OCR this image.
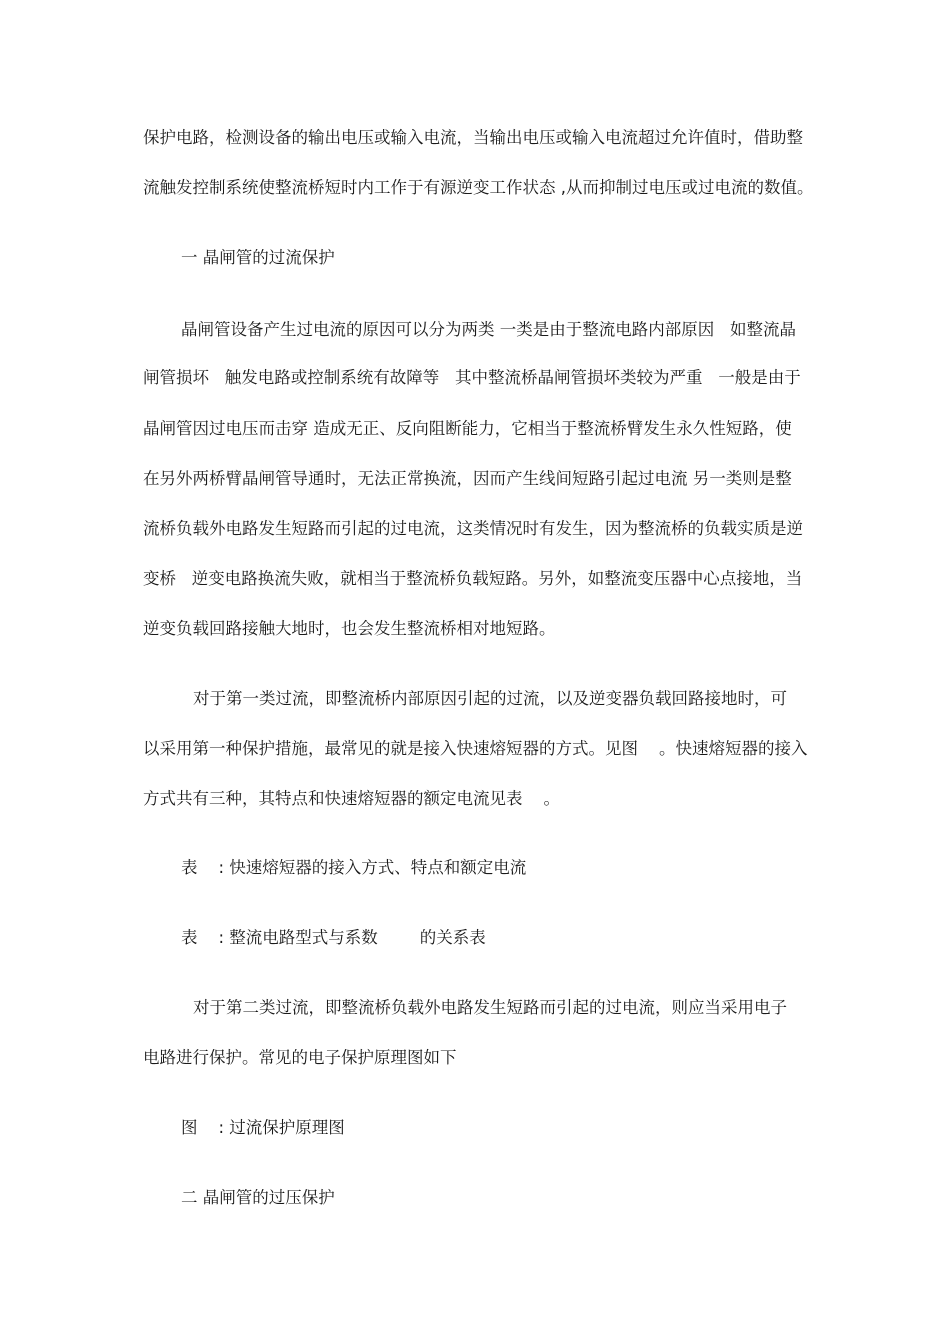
保护电路，检测设备的输出电压或输入电流，当输出电压或输入电流超过允许值时，借助整
流触发控制系统使整流桥短时内工作于有源逆变工作状态 ,从而抑制过电压或过电流的数值。
一 晶闸管的过流保护
晶闸管设备产生过电流的原因可以分为两类 一类是由于整流电路内部原因   如整流晶
闸管损坏   触发电路或控制系统有故障等   其中整流桥晶闸管损坏类较为严重   一般是由于
晶闸管因过电压而击穿 造成无正、反向阻断能力，它相当于整流桥臂发生永久性短路，使
在另外两桥臂晶闸管导通时，无法正常换流，因而产生线间短路引起过电流 另一类则是整
流桥负载外电路发生短路而引起的过电流，这类情况时有发生，因为整流桥的负载实质是逆
变桥   逆变电路换流失败，就相当于整流桥负载短路。另外，如整流变压器中心点接地，当
逆变负载回路接触大地时，也会发生整流桥相对地短路。
对于第一类过流，即整流桥内部原因引起的过流，以及逆变器负载回路接地时，可
以采用第一种保护措施，最常见的就是接入快速熔短器的方式。见图    。快速熔短器的接入
方式共有三种，其特点和快速熔短器的额定电流见表    。
表    : 快速熔短器的接入方式、特点和额定电流
表    : 整流电路型式与系数        的关系表
对于第二类过流，即整流桥负载外电路发生短路而引起的过电流，则应当采用电子
电路进行保护。常见的电子保护原理图如下
图    : 过流保护原理图
二 晶闸管的过压保护
